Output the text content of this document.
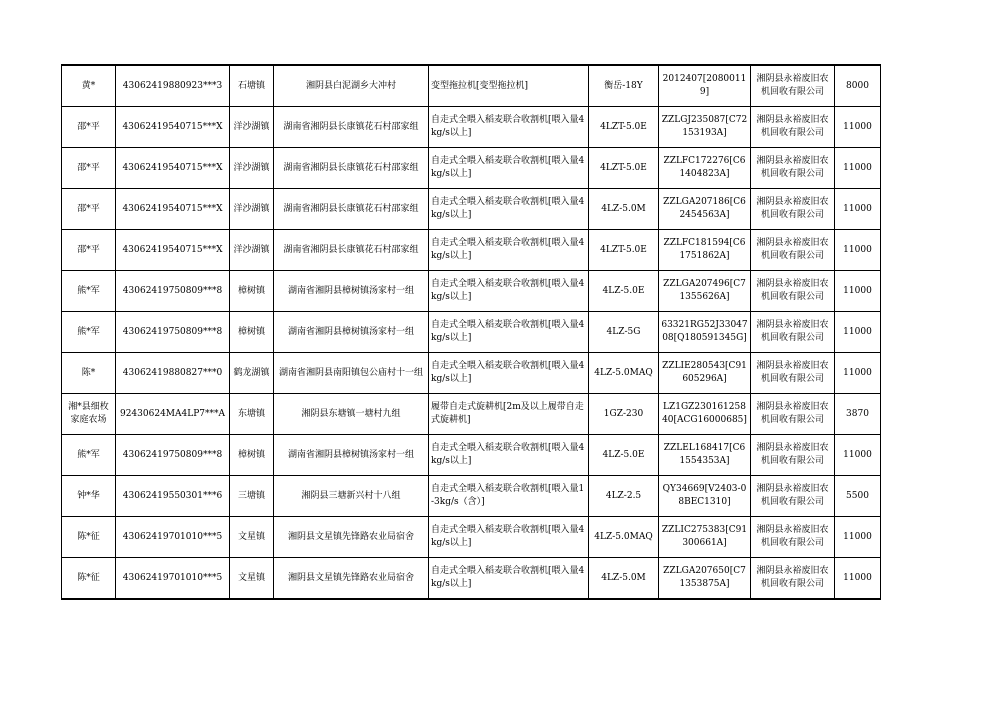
黄*	43062419880923***3	石塘镇	湘阴县白泥湖乡大冲村	变型拖拉机[变型拖拉机]	衡岳-18Y	2012407[20800119]	湘阴县永裕废旧农机回收有限公司	8000
邵*平	43062419540715***X	洋沙湖镇	湖南省湘阴县长康镇花石村邵家组	自走式全喂入稻麦联合收割机[喂入量4kg/s以上]	4LZT-5.0E	ZZLGJ235087[C72153193A]	湘阴县永裕废旧农机回收有限公司	11000
邵*平	43062419540715***X	洋沙湖镇	湖南省湘阴县长康镇花石村邵家组	自走式全喂入稻麦联合收割机[喂入量4kg/s以上]	4LZT-5.0E	ZZLFC172276[C61404823A]	湘阴县永裕废旧农机回收有限公司	11000
邵*平	43062419540715***X	洋沙湖镇	湖南省湘阴县长康镇花石村邵家组	自走式全喂入稻麦联合收割机[喂入量4kg/s以上]	4LZ-5.0M	ZZLGA207186[C62454563A]	湘阴县永裕废旧农机回收有限公司	11000
邵*平	43062419540715***X	洋沙湖镇	湖南省湘阴县长康镇花石村邵家组	自走式全喂入稻麦联合收割机[喂入量4kg/s以上]	4LZT-5.0E	ZZLFC181594[C61751862A]	湘阴县永裕废旧农机回收有限公司	11000
熊*军	43062419750809***8	樟树镇	湖南省湘阴县樟树镇汤家村一组	自走式全喂入稻麦联合收割机[喂入量4kg/s以上]	4LZ-5.0E	ZZLGA207496[C71355626A]	湘阴县永裕废旧农机回收有限公司	11000
熊*军	43062419750809***8	樟树镇	湖南省湘阴县樟树镇汤家村一组	自走式全喂入稻麦联合收割机[喂入量4kg/s以上]	4LZ-5G	63321RG52J3304708[Q180591345G]	湘阴县永裕废旧农机回收有限公司	11000
陈*	43062419880827***0	鹤龙湖镇	湖南省湘阴县南阳镇包公庙村十一组	自走式全喂入稻麦联合收割机[喂入量4kg/s以上]	4LZ-5.0MAQ	ZZLIE280543[C91605296A]	湘阴县永裕废旧农机回收有限公司	11000
湘*县细枚家庭农场	92430624MA4LP7***A	东塘镇	湘阴县东塘镇一塘村九组	履带自走式旋耕机[2m及以上履带自走式旋耕机]	1GZ-230	LZ1GZ23016125840[ACG16000685]	湘阴县永裕废旧农机回收有限公司	3870
熊*军	43062419750809***8	樟树镇	湖南省湘阴县樟树镇汤家村一组	自走式全喂入稻麦联合收割机[喂入量4kg/s以上]	4LZ-5.0E	ZZLEL168417[C61554353A]	湘阴县永裕废旧农机回收有限公司	11000
钟*华	43062419550301***6	三塘镇	湘阴县三塘新兴村十八组	自走式全喂入稻麦联合收割机[喂入量1-3kg/s（含）]	4LZ-2.5	QY34669[V2403-08BEC1310]	湘阴县永裕废旧农机回收有限公司	5500
陈*征	43062419701010***5	文星镇	湘阴县文星镇先锋路农业局宿舍	自走式全喂入稻麦联合收割机[喂入量4kg/s以上]	4LZ-5.0MAQ	ZZLIC275383[C91300661A]	湘阴县永裕废旧农机回收有限公司	11000
陈*征	43062419701010***5	文星镇	湘阴县文星镇先锋路农业局宿舍	自走式全喂入稻麦联合收割机[喂入量4kg/s以上]	4LZ-5.0M	ZZLGA207650[C71353875A]	湘阴县永裕废旧农机回收有限公司	11000
